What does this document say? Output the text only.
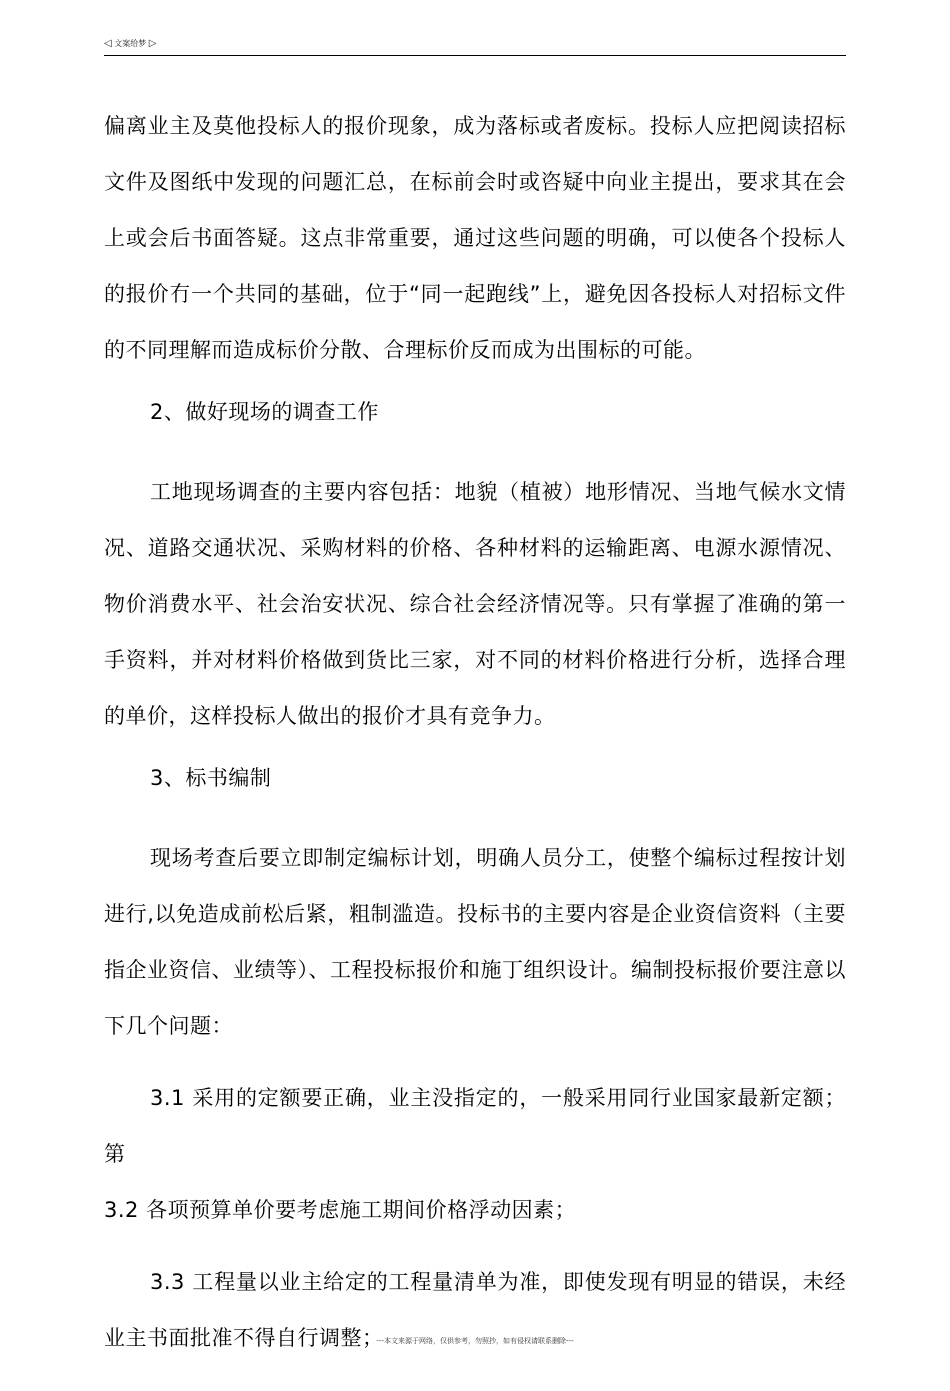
◁ 文案给梦 ▷

偏离业主及莫他投标人的报价现象，成为落标或者废标。投标人应把阅读招标文件及图纸中发现的问题汇总，在标前会时或咨疑中向业主提出，要求其在会上或会后书面答疑。这点非常重要，通过这些问题的明确，可以使各个投标人的报价冇一个共同的基础，位于“同一起跑线”上，避免因各投标人对招标文件的不同理解而造成标价分散、合理标价反而成为出围标的可能。

2、做好现场的调查工作

工地现场调查的主要内容包括：地貌（植被）地形情况、当地气候水文情况、道路交通状况、采购材料的价格、各种材料的运输距离、电源水源情况、物价消费水平、社会治安状况、综合社会经济情况等。只有掌握了准确的第一手资料，并对材料价格做到货比三家，对不同的材料价格进行分析，选择合理的单价，这样投标人做出的报价才具有竞争力。

3、标书编制

现场考查后要立即制定编标计划，明确人员分工，使整个编标过程按计划进行,以免造成前松后紧，粗制滥造。投标书的主要内容是企业资信资料（主要指企业资信、业绩等）、工程投标报价和施丁组织设计。编制投标报价要注意以下几个问题：

3.1 采用的定额要正确，业主没指定的，一般采用同行业国家最新定额；第

3.2 各项预算单价要考虑施工期间价格浮动因素；

3.3 工程量以业主给定的工程量清单为准，即使发现有明显的错误，未经业主书面批准不得自行调整；

---本文来源于网络，仅供参考，勿照抄，如有侵权请联系删除---
